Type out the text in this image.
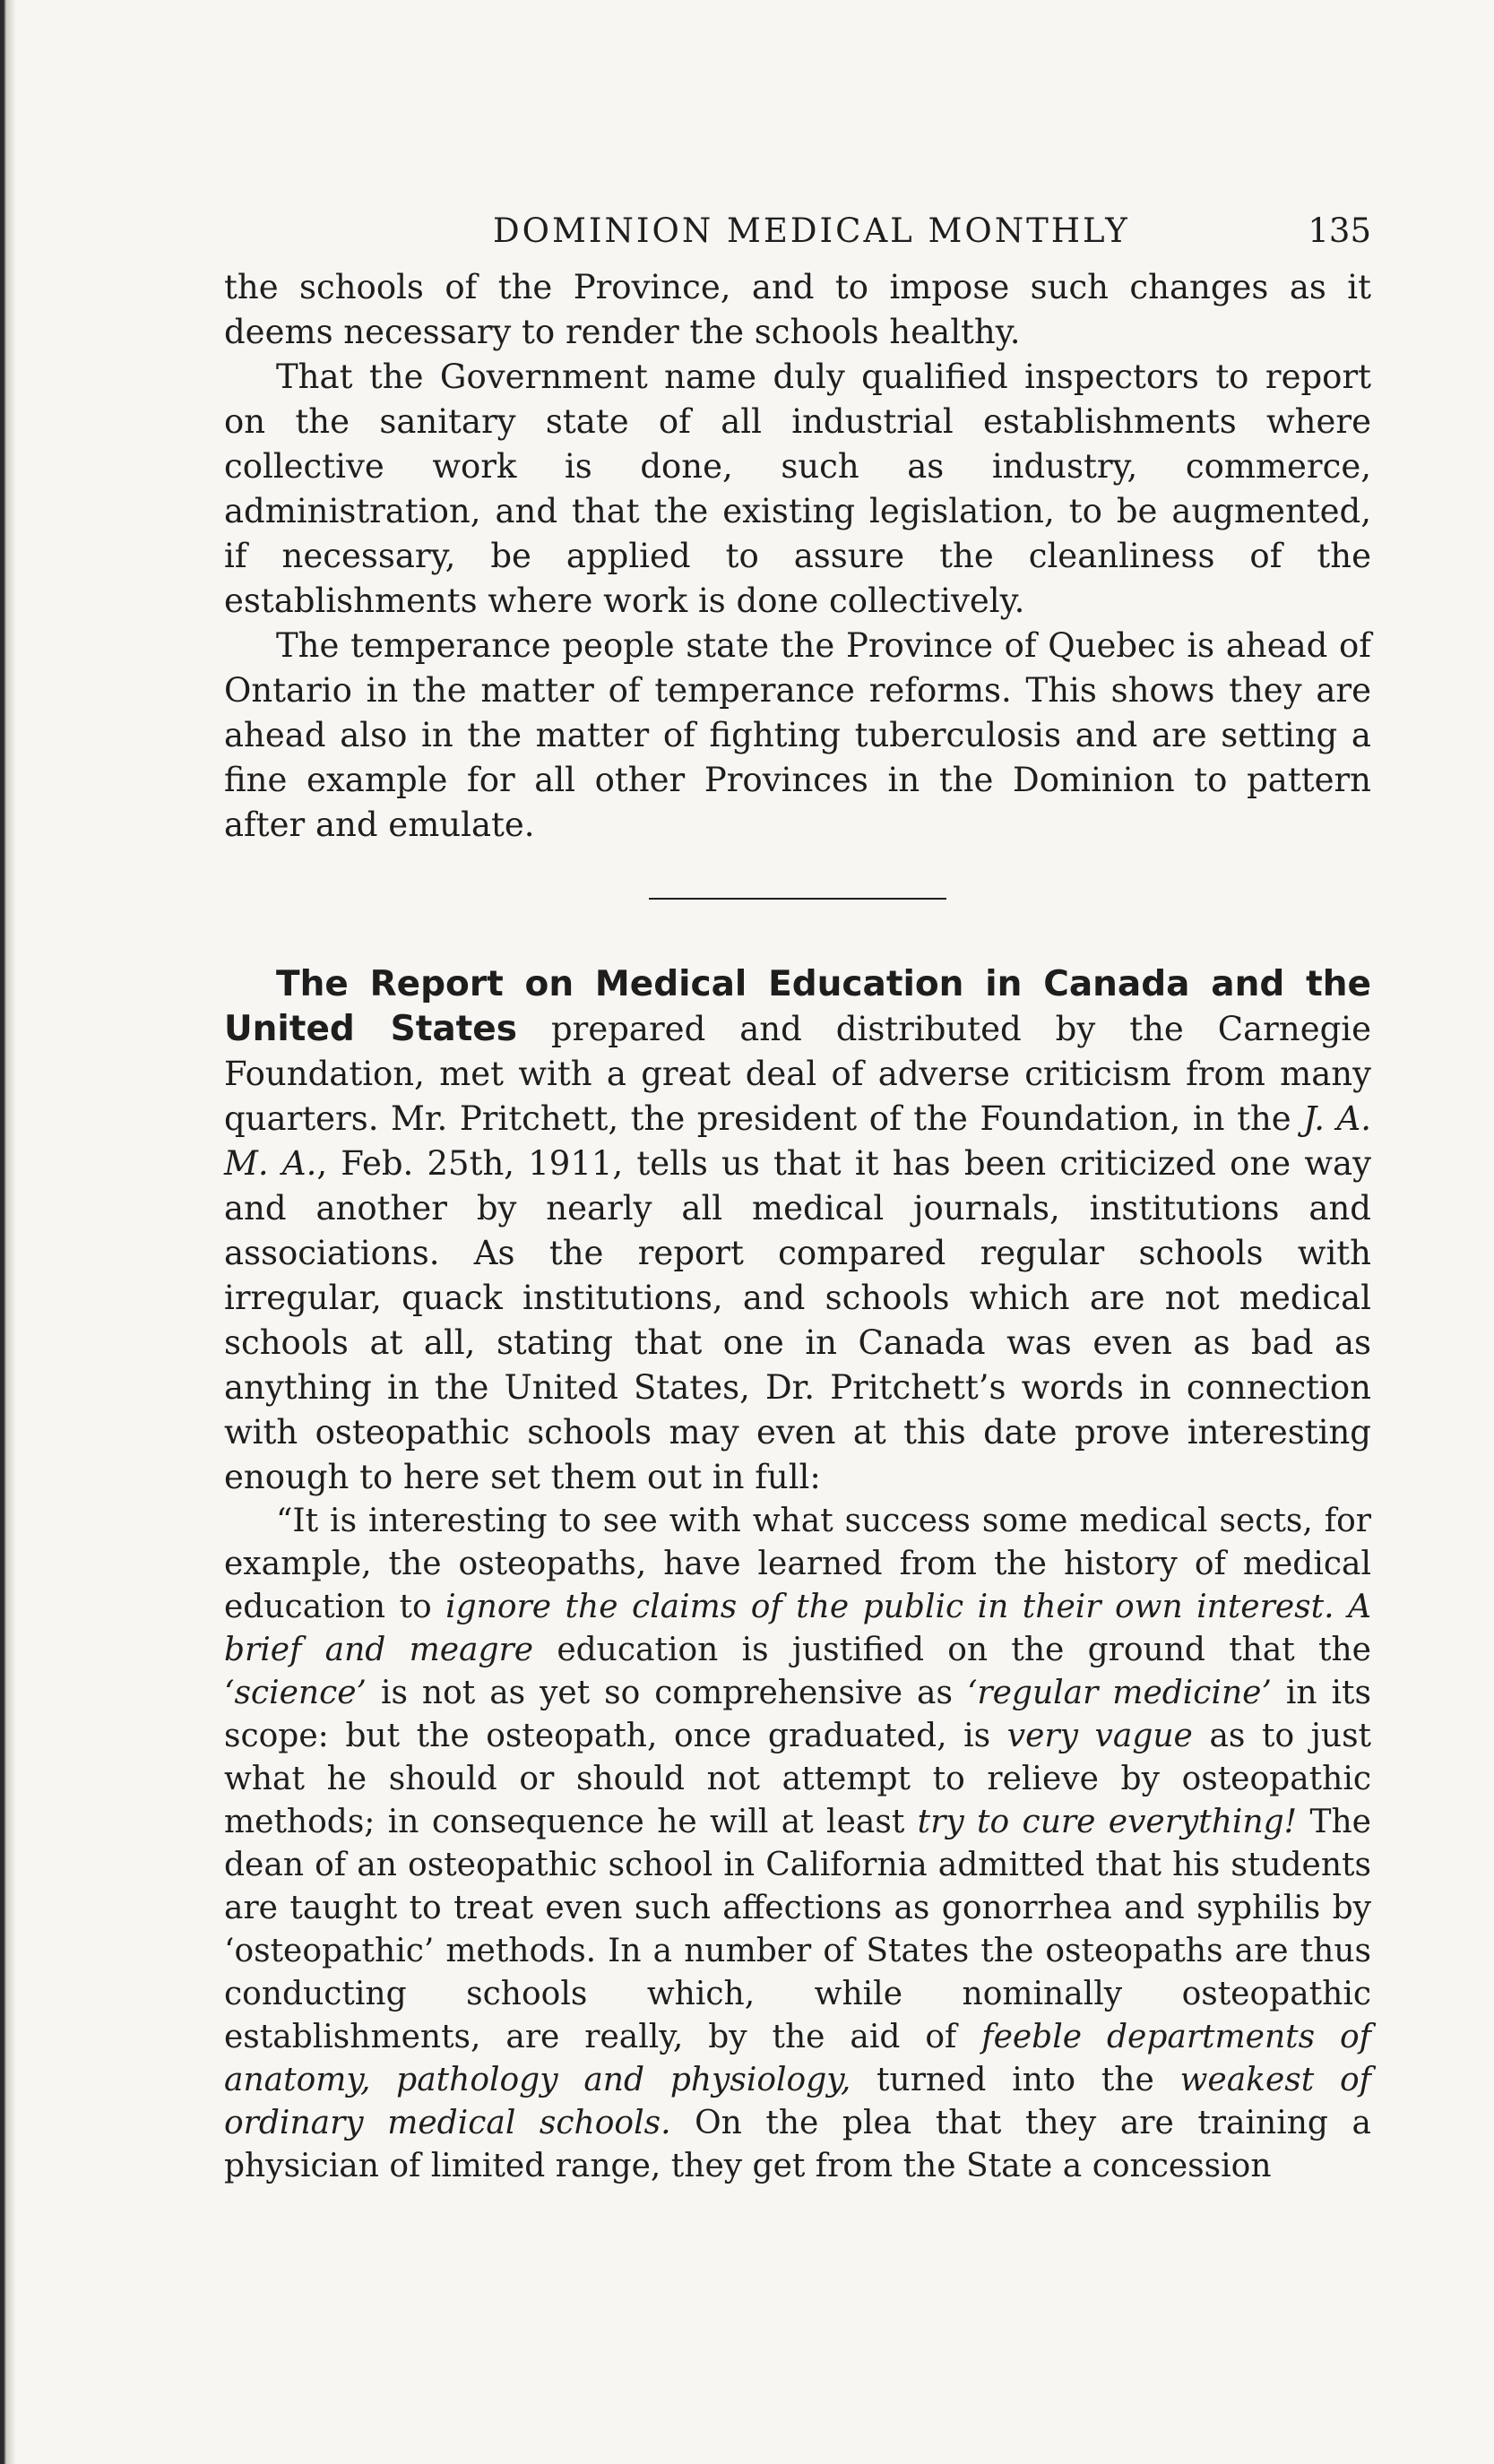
DOMINION MEDICAL MONTHLY	135

the schools of the Province, and to impose such changes as it deems necessary to render the schools healthy.

That the Government name duly qualified inspectors to report on the sanitary state of all industrial establishments where collective work is done, such as industry, commerce, administration, and that the existing legislation, to be augmented, if necessary, be applied to assure the cleanliness of the establishments where work is done collectively.

The temperance people state the Province of Quebec is ahead of Ontario in the matter of temperance reforms. This shows they are ahead also in the matter of fighting tuberculosis and are setting a fine example for all other Provinces in the Dominion to pattern after and emulate.

The Report on Medical Education in Canada and the United States prepared and distributed by the Carnegie Foundation, met with a great deal of adverse criticism from many quarters. Mr. Pritchett, the president of the Foundation, in the J. A. M. A., Feb. 25th, 1911, tells us that it has been criticized one way and another by nearly all medical journals, institutions and associations. As the report compared regular schools with irregular, quack institutions, and schools which are not medical schools at all, stating that one in Canada was even as bad as anything in the United States, Dr. Pritchett’s words in connection with osteopathic schools may even at this date prove interesting enough to here set them out in full:

“It is interesting to see with what success some medical sects, for example, the osteopaths, have learned from the history of medical education to ignore the claims of the public in their own interest. A brief and meagre education is justified on the ground that the ‘science’ is not as yet so comprehensive as ‘regular medicine’ in its scope: but the osteopath, once graduated, is very vague as to just what he should or should not attempt to relieve by osteopathic methods; in consequence he will at least try to cure everything! The dean of an osteopathic school in California admitted that his students are taught to treat even such affections as gonorrhea and syphilis by ‘osteopathic’ methods. In a number of States the osteopaths are thus conducting schools which, while nominally osteopathic establishments, are really, by the aid of feeble departments of anatomy, pathology and physiology, turned into the weakest of ordinary medical schools. On the plea that they are training a physician of limited range, they get from the State a concession
